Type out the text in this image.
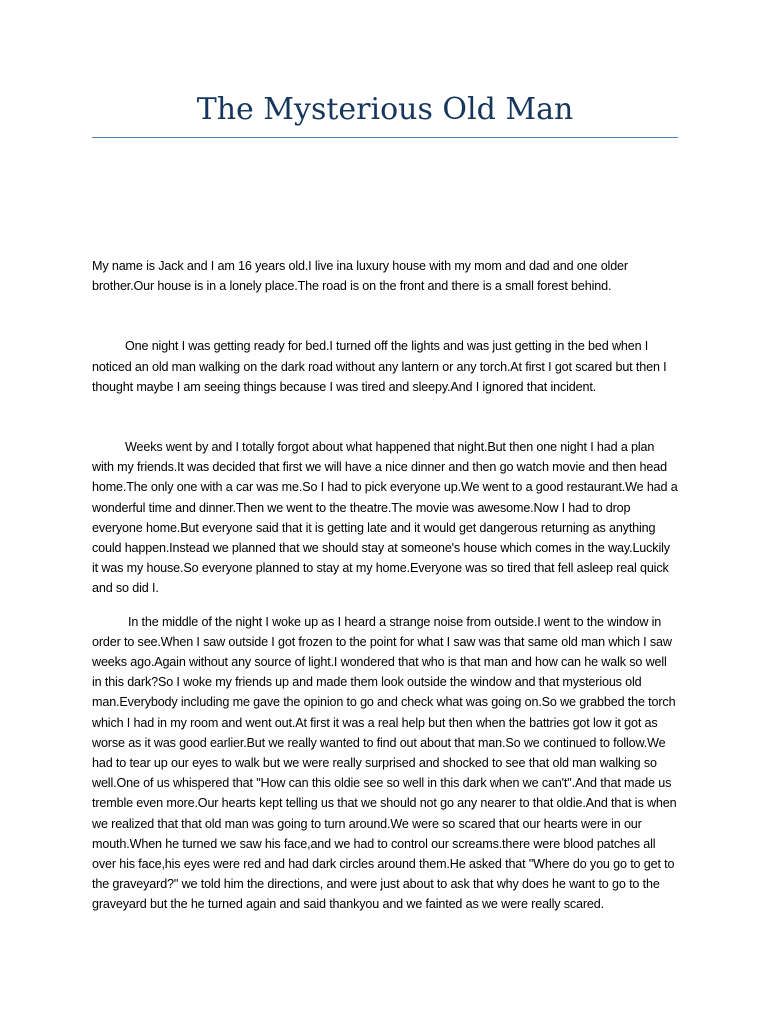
The Mysterious Old Man

My name is Jack and I am 16 years old.I live ina luxury house with my mom and dad and one older brother.Our house is in a lonely place.The road is on the front and there is a small forest behind.

One night I was getting ready for bed.I turned off the lights and was just getting in the bed when I noticed an old man walking on the dark road without any lantern or any torch.At first I got scared but then I thought maybe I am seeing things because I was tired and sleepy.And I ignored that incident.

Weeks went by and I totally forgot about what happened that night.But then one night I had a plan with my friends.It was decided that first we will have a nice dinner and then go watch movie and then head home.The only one with a car was me.So I had to pick everyone up.We went to a good restaurant.We had a wonderful time and dinner.Then we went to the theatre.The movie was awesome.Now I had to drop everyone home.But everyone said that it is getting late and it would get dangerous returning as anything could happen.Instead we planned that we should stay at someone's house which comes in the way.Luckily it was my house.So everyone planned to stay at my home.Everyone was so tired that fell asleep real quick and so did I.

In the middle of the night I woke up as I heard a strange noise from outside.I went to the window in order to see.When I saw outside I got frozen to the point for what I saw was that same old man which I saw weeks ago.Again without any source of light.I wondered that who is that man and how can he walk so well in this dark?So I woke my friends up and made them look outside the window and that mysterious old man.Everybody including me gave the opinion to go and check what was going on.So we grabbed the torch which I had in my room and went out.At first it was a real help but then when the battries got low it got as worse as it was good earlier.But we really wanted to find out about that man.So we continued to follow.We had to tear up our eyes to walk but we were really surprised and shocked to see that old man walking so well.One of us whispered that "How can this oldie see so well in this dark when we can't".And that made us tremble even more.Our hearts kept telling us that we should not go any nearer to that oldie.And that is when we realized that that old man was going to turn around.We were so scared that our hearts were in our mouth.When he turned we saw his face,and we had to control our screams.there were blood patches all over his face,his eyes were red and had dark circles around them.He asked that "Where do you go to get to the graveyard?" we told him the directions, and were just about to ask that why does he want to go to the graveyard but the he turned again and said thankyou and we fainted as we were really scared.
